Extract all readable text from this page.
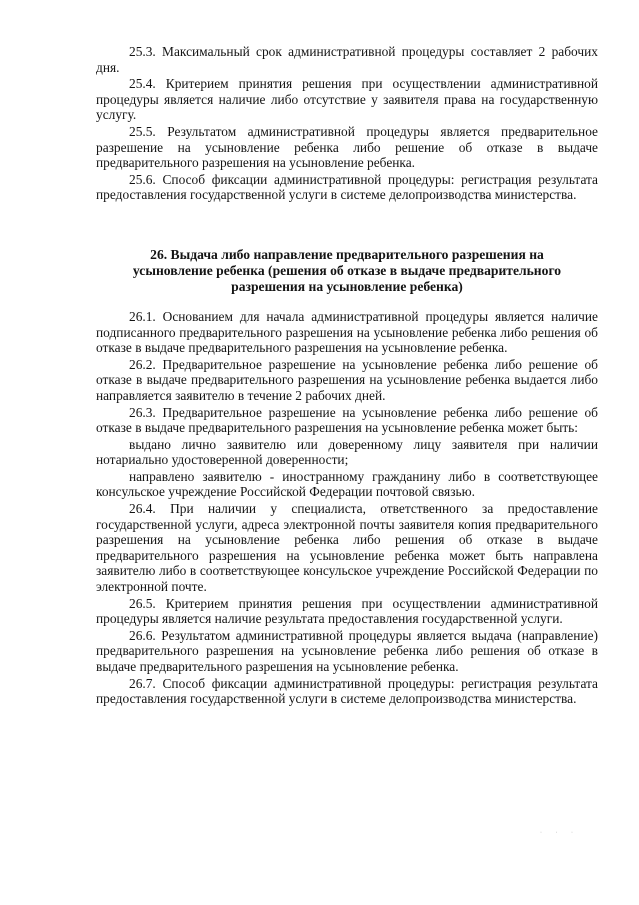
25.3. Максимальный срок административной процедуры составляет 2 рабочих дня.

25.4. Критерием принятия решения при осуществлении административной процедуры является наличие либо отсутствие у заявителя права на государственную услугу.

25.5. Результатом административной процедуры является предварительное разрешение на усыновление ребенка либо решение об отказе в выдаче предварительного разрешения на усыновление ребенка.

25.6. Способ фиксации административной процедуры: регистрация результата предоставления государственной услуги в системе делопроизводства министерства.

26. Выдача либо направление предварительного разрешения на усыновление ребенка (решения об отказе в выдаче предварительного разрешения на усыновление ребенка)

26.1. Основанием для начала административной процедуры является наличие подписанного предварительного разрешения на усыновление ребенка либо решения об отказе в выдаче предварительного разрешения на усыновление ребенка.

26.2. Предварительное разрешение на усыновление ребенка либо решение об отказе в выдаче предварительного разрешения на усыновление ребенка выдается либо направляется заявителю в течение 2 рабочих дней.

26.3. Предварительное разрешение на усыновление ребенка либо решение об отказе в выдаче предварительного разрешения на усыновление ребенка может быть:

выдано лично заявителю или доверенному лицу заявителя при наличии нотариально удостоверенной доверенности;

направлено заявителю - иностранному гражданину либо в соответствующее консульское учреждение Российской Федерации почтовой связью.

26.4. При наличии у специалиста, ответственного за предоставление государственной услуги, адреса электронной почты заявителя копия предварительного разрешения на усыновление ребенка либо решения об отказе в выдаче предварительного разрешения на усыновление ребенка может быть направлена заявителю либо в соответствующее консульское учреждение Российской Федерации по электронной почте.

26.5. Критерием принятия решения при осуществлении административной процедуры является наличие результата предоставления государственной услуги.

26.6. Результатом административной процедуры является выдача (направление) предварительного разрешения на усыновление ребенка либо решения об отказе в выдаче предварительного разрешения на усыновление ребенка.

26.7. Способ фиксации административной процедуры: регистрация результата предоставления государственной услуги в системе делопроизводства министерства.

· · ·
